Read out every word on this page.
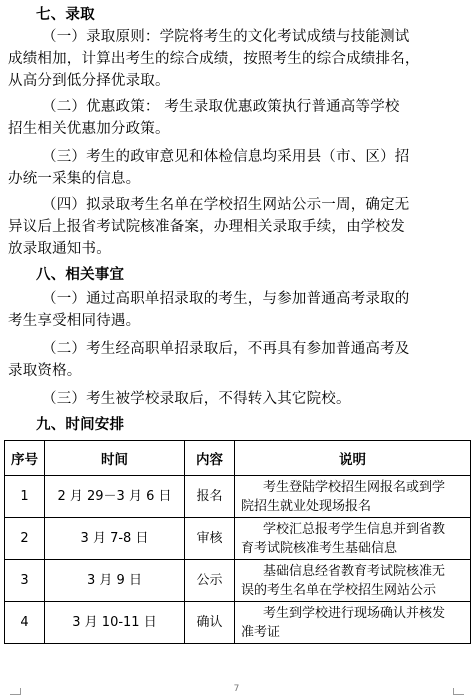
七、录取
（一）录取原则：学院将考生的文化考试成绩与技能测试
成绩相加，计算出考生的综合成绩，按照考生的综合成绩排名，
从高分到低分择优录取。
（二）优惠政策： 考生录取优惠政策执行普通高等学校
招生相关优惠加分政策。
（三）考生的政审意见和体检信息均采用县（市、区）招
办统一采集的信息。
（四）拟录取考生名单在学校招生网站公示一周，确定无
异议后上报省考试院核准备案，办理相关录取手续，由学校发
放录取通知书。
八、相关事宜
（一）通过高职单招录取的考生，与参加普通高考录取的
考生享受相同待遇。
（二）考生经高职单招录取后，不再具有参加普通高考及
录取资格。
（三）考生被学校录取后，不得转入其它院校。
九、时间安排
序号	时间	内容	说明
1	2 月 29－3 月 6 日	报名	考生登陆学校招生网报名或到学
院招生就业处现场报名

2	3 月 7-8 日	审核	学校汇总报考学生信息并到省教
育考试院核准考生基础信息

3	3 月 9 日	公示	基础信息经省教育考试院核准无
误的考生名单在学校招生网站公示

4	3 月 10-11 日	确认	考生到学校进行现场确认并核发
准考证
7
